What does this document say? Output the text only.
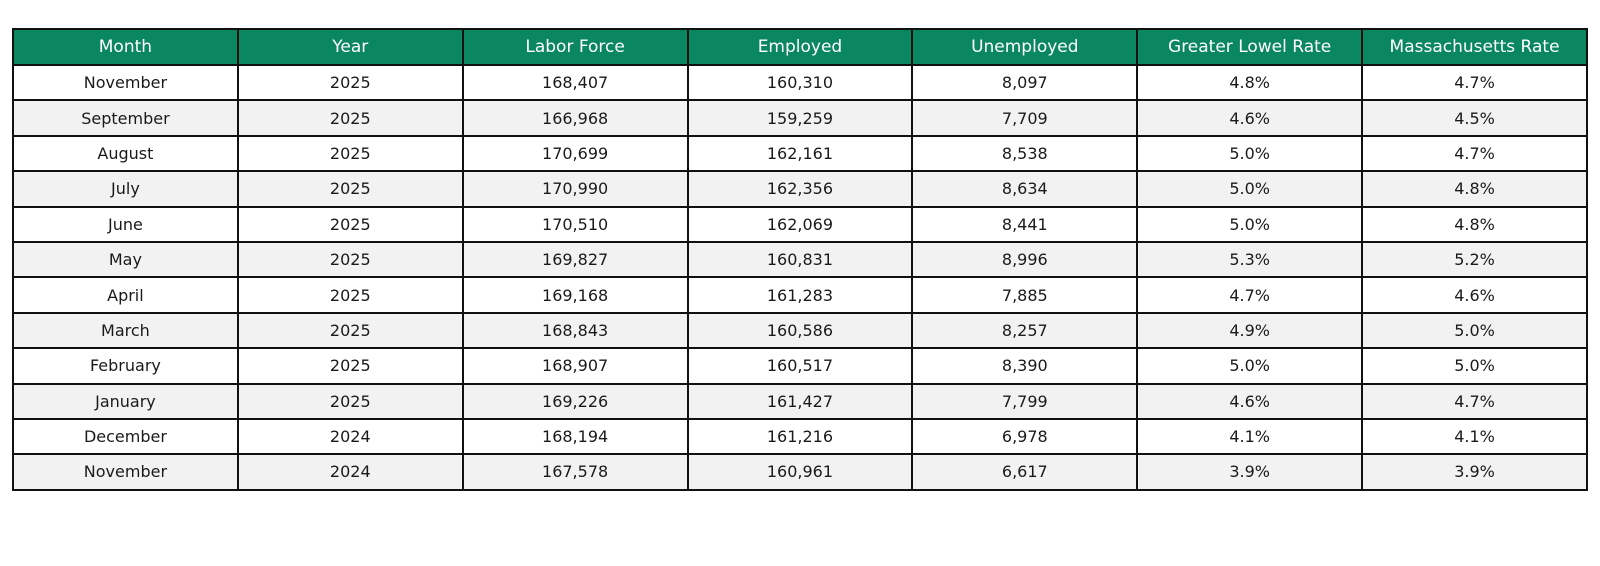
Month	Year	Labor Force	Employed	Unemployed	Greater Lowel Rate	Massachusetts Rate
November	2025	168,407	160,310	8,097	4.8%	4.7%
September	2025	166,968	159,259	7,709	4.6%	4.5%
August	2025	170,699	162,161	8,538	5.0%	4.7%
July	2025	170,990	162,356	8,634	5.0%	4.8%
June	2025	170,510	162,069	8,441	5.0%	4.8%
May	2025	169,827	160,831	8,996	5.3%	5.2%
April	2025	169,168	161,283	7,885	4.7%	4.6%
March	2025	168,843	160,586	8,257	4.9%	5.0%
February	2025	168,907	160,517	8,390	5.0%	5.0%
January	2025	169,226	161,427	7,799	4.6%	4.7%
December	2024	168,194	161,216	6,978	4.1%	4.1%
November	2024	167,578	160,961	6,617	3.9%	3.9%
